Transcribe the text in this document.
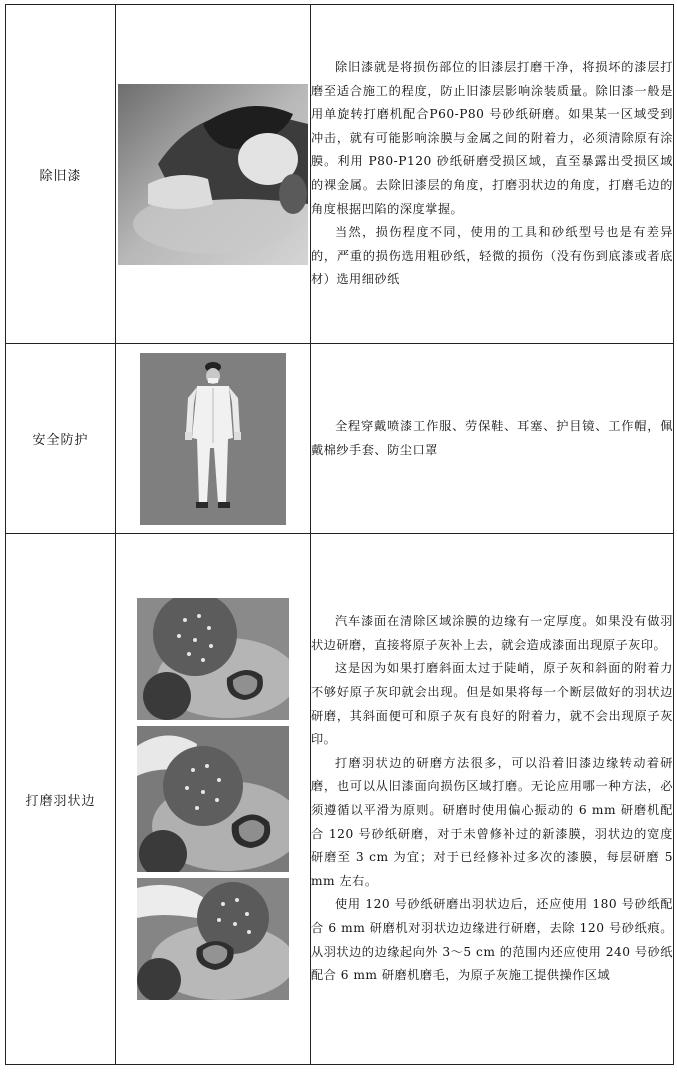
除旧漆		除旧漆就是将损伤部位的旧漆层打磨干净，将损坏的漆层打磨至适合施工的程度，防止旧漆层影响涂装质量。除旧漆一般是用单旋转打磨机配合P60-P80 号砂纸研磨。如果某一区域受到冲击，就有可能影响涂膜与金属之间的附着力，必须清除原有涂膜。利用 P80-P120 砂纸研磨受损区域，直至暴露出受损区域的裸金属。去除旧漆层的角度，打磨羽状边的角度，打磨毛边的角度根据凹陷的深度掌握。

当然，损伤程度不同，使用的工具和砂纸型号也是有差异的，严重的损伤选用粗砂纸，轻微的损伤（没有伤到底漆或者底材）选用细砂纸

安全防护		全程穿戴喷漆工作服、劳保鞋、耳塞、护目镜、工作帽，佩戴棉纱手套、防尘口罩

打磨羽状边		汽车漆面在清除区域涂膜的边缘有一定厚度。如果没有做羽状边研磨，直接将原子灰补上去，就会造成漆面出现原子灰印。

这是因为如果打磨斜面太过于陡峭，原子灰和斜面的附着力不够好原子灰印就会出现。但是如果将每一个断层做好的羽状边研磨，其斜面便可和原子灰有良好的附着力，就不会出现原子灰印。

打磨羽状边的研磨方法很多，可以沿着旧漆边缘转动着研磨，也可以从旧漆面向损伤区域打磨。无论应用哪一种方法，必须遵循以平滑为原则。研磨时使用偏心振动的 6 mm 研磨机配合 120 号砂纸研磨，对于未曾修补过的新漆膜，羽状边的宽度研磨至 3 cm 为宜；对于已经修补过多次的漆膜，每层研磨 5 mm 左右。

使用 120 号砂纸研磨出羽状边后，还应使用 180 号砂纸配合 6 mm 研磨机对羽状边边缘进行研磨，去除 120 号砂纸痕。从羽状边的边缘起向外 3～5 cm 的范围内还应使用 240 号砂纸配合 6 mm 研磨机磨毛，为原子灰施工提供操作区域
